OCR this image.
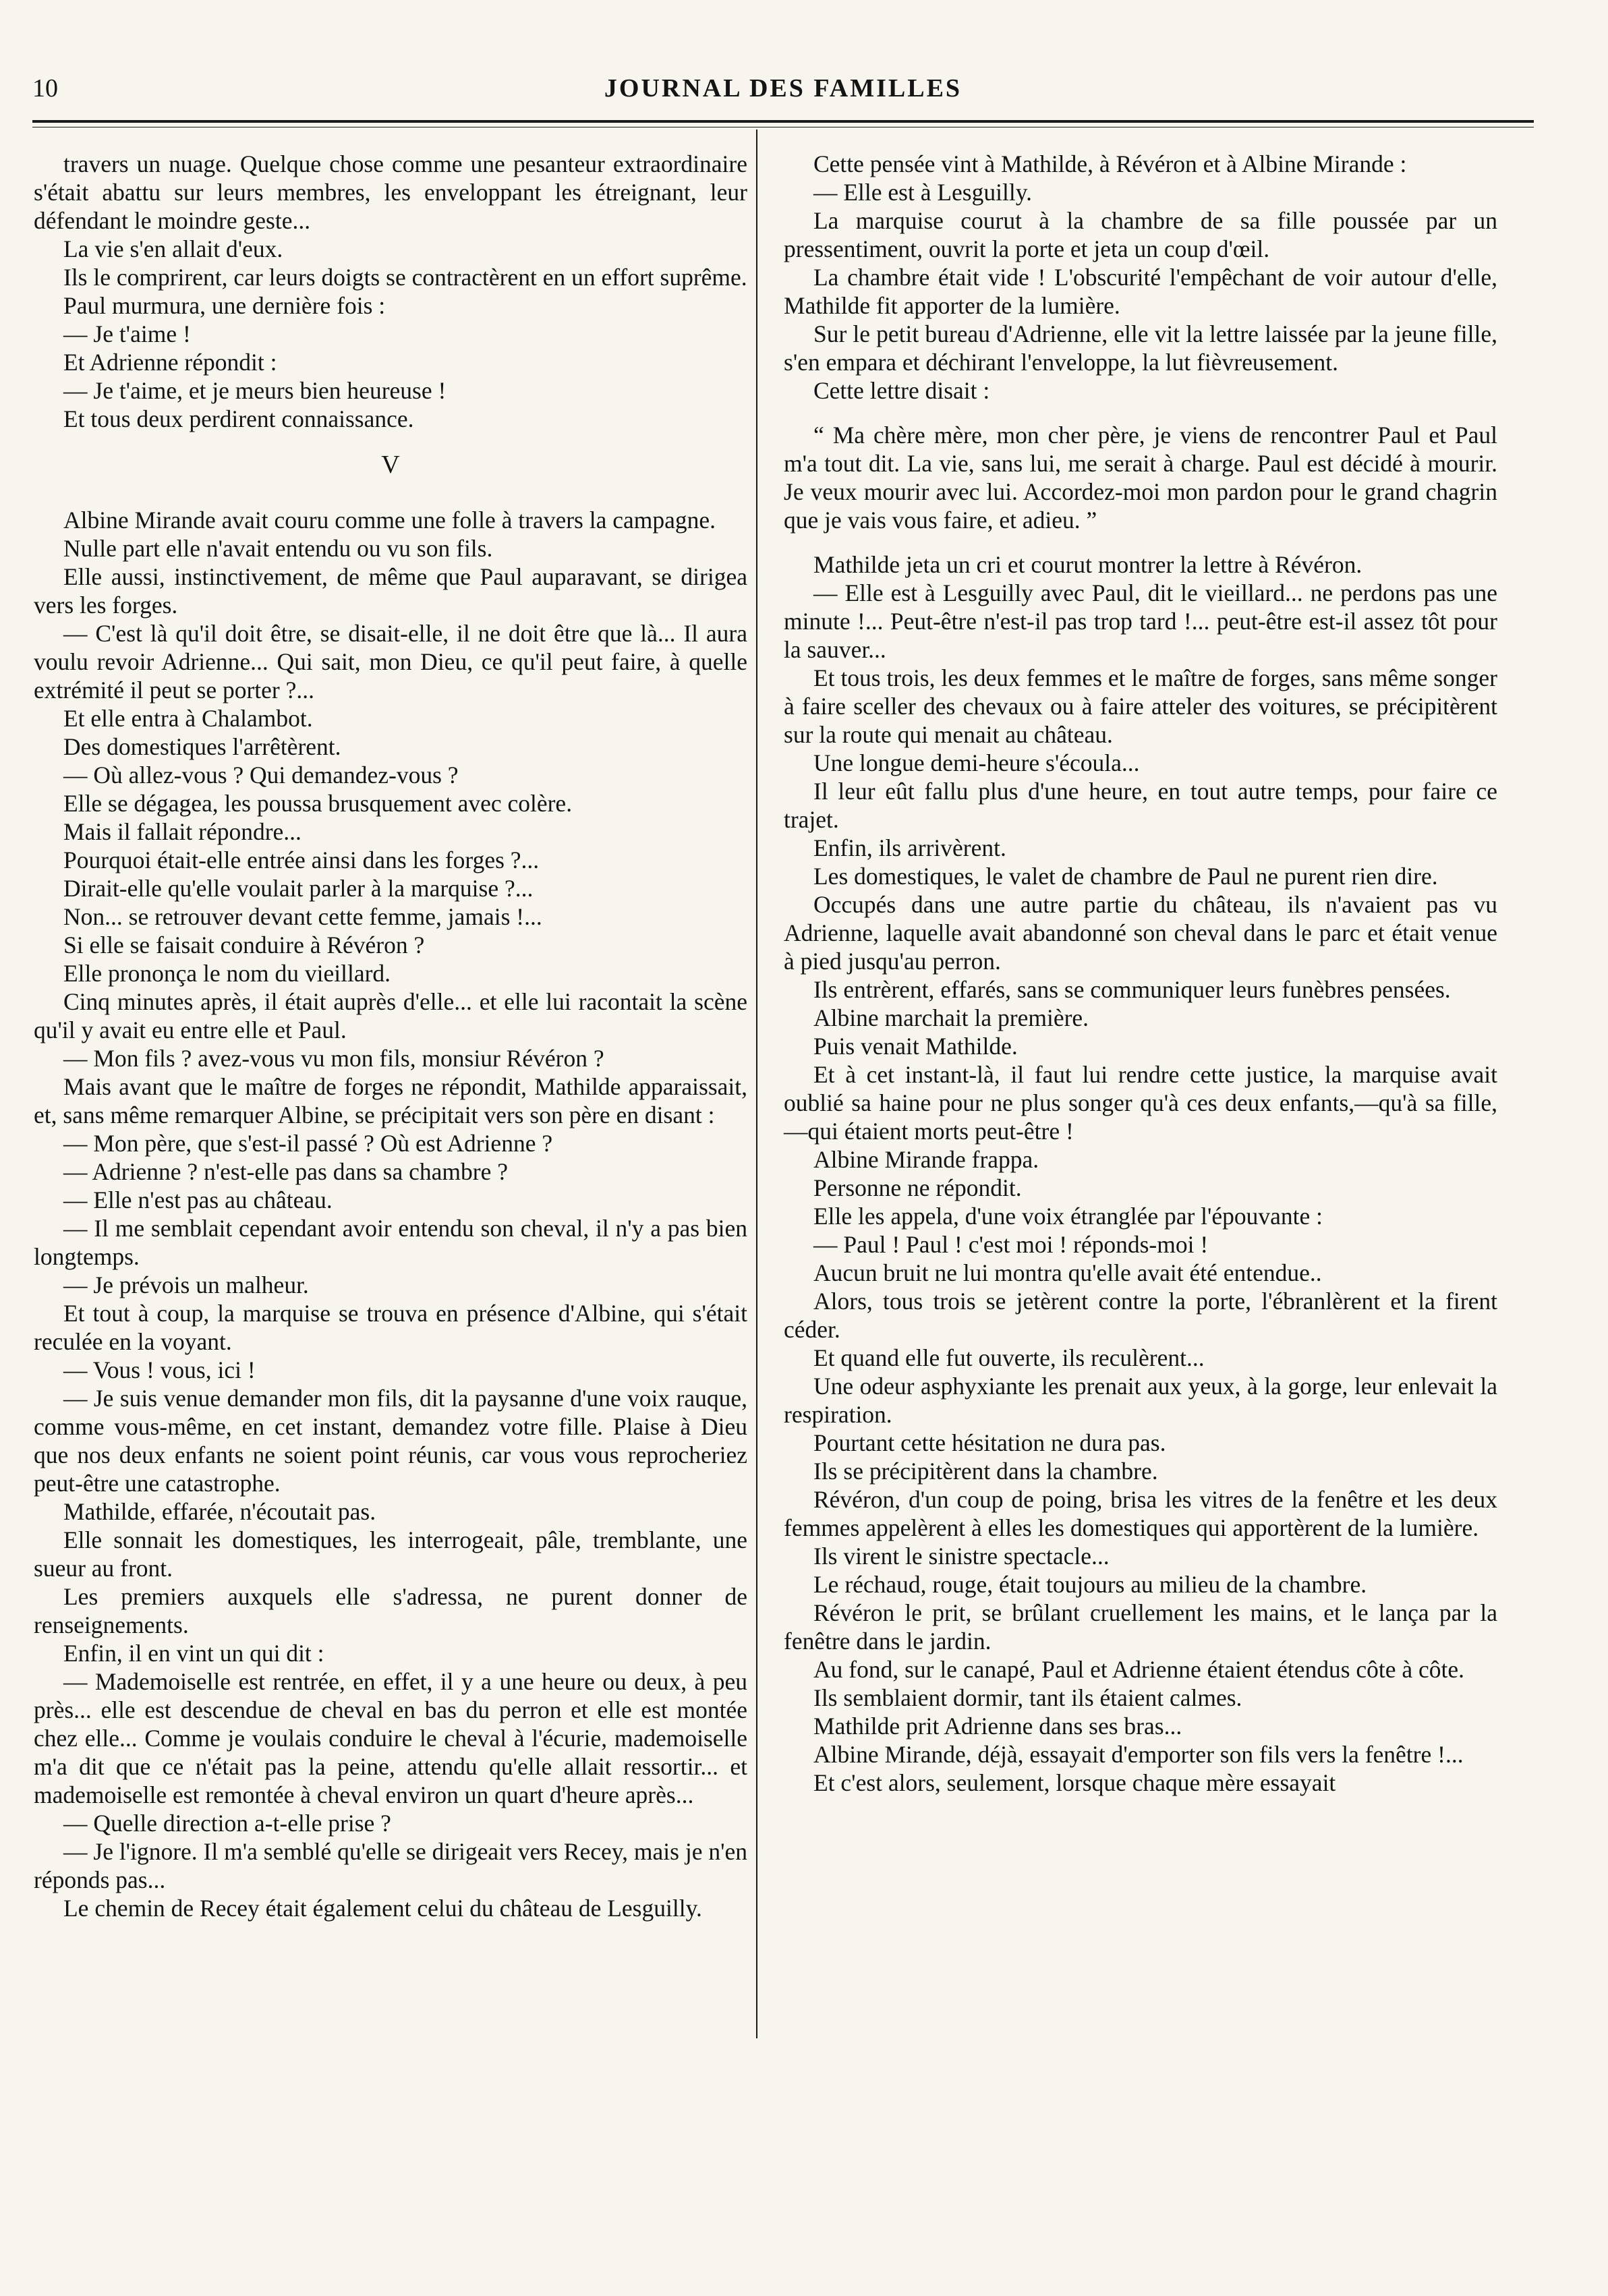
10	JOURNAL DES FAMILLES

travers un nuage. Quelque chose comme une pesanteur extraordinaire s'était abattu sur leurs membres, les enveloppant les étreignant, leur défendant le moindre geste...

La vie s'en allait d'eux.

Ils le comprirent, car leurs doigts se contractèrent en un effort suprême.

Paul murmura, une dernière fois :

— Je t'aime !

Et Adrienne répondit :

— Je t'aime, et je meurs bien heureuse !

Et tous deux perdirent connaissance.

V

Albine Mirande avait couru comme une folle à travers la campagne.

Nulle part elle n'avait entendu ou vu son fils.

Elle aussi, instinctivement, de même que Paul auparavant, se dirigea vers les forges.

— C'est là qu'il doit être, se disait-elle, il ne doit être que là... Il aura voulu revoir Adrienne... Qui sait, mon Dieu, ce qu'il peut faire, à quelle extrémité il peut se porter ?...

Et elle entra à Chalambot.

Des domestiques l'arrêtèrent.

— Où allez-vous ? Qui demandez-vous ?

Elle se dégagea, les poussa brusquement avec colère.

Mais il fallait répondre...

Pourquoi était-elle entrée ainsi dans les forges ?...

Dirait-elle qu'elle voulait parler à la marquise ?...

Non... se retrouver devant cette femme, jamais !...

Si elle se faisait conduire à Révéron ?

Elle prononça le nom du vieillard.

Cinq minutes après, il était auprès d'elle... et elle lui racontait la scène qu'il y avait eu entre elle et Paul.

— Mon fils ? avez-vous vu mon fils, monsiur Révéron ?

Mais avant que le maître de forges ne répondit, Mathilde apparaissait, et, sans même remarquer Albine, se précipitait vers son père en disant :

— Mon père, que s'est-il passé ? Où est Adrienne ?

— Adrienne ? n'est-elle pas dans sa chambre ?

— Elle n'est pas au château.

— Il me semblait cependant avoir entendu son cheval, il n'y a pas bien longtemps.

— Je prévois un malheur.

Et tout à coup, la marquise se trouva en présence d'Albine, qui s'était reculée en la voyant.

— Vous ! vous, ici !

— Je suis venue demander mon fils, dit la paysanne d'une voix rauque, comme vous-même, en cet instant, demandez votre fille. Plaise à Dieu que nos deux enfants ne soient point réunis, car vous vous reprocheriez peut-être une catastrophe.

Mathilde, effarée, n'écoutait pas.

Elle sonnait les domestiques, les interrogeait, pâle, tremblante, une sueur au front.

Les premiers auxquels elle s'adressa, ne purent donner de renseignements.

Enfin, il en vint un qui dit :

— Mademoiselle est rentrée, en effet, il y a une heure ou deux, à peu près... elle est descendue de cheval en bas du perron et elle est montée chez elle... Comme je voulais conduire le cheval à l'écurie, mademoiselle m'a dit que ce n'était pas la peine, attendu qu'elle allait ressortir... et mademoiselle est remontée à cheval environ un quart d'heure après...

— Quelle direction a-t-elle prise ?

— Je l'ignore. Il m'a semblé qu'elle se dirigeait vers Recey, mais je n'en réponds pas...

Le chemin de Recey était également celui du château de Lesguilly.

Cette pensée vint à Mathilde, à Révéron et à Albine Mirande :

— Elle est à Lesguilly.

La marquise courut à la chambre de sa fille poussée par un pressentiment, ouvrit la porte et jeta un coup d'œil.

La chambre était vide ! L'obscurité l'empêchant de voir autour d'elle, Mathilde fit apporter de la lumière.

Sur le petit bureau d'Adrienne, elle vit la lettre laissée par la jeune fille, s'en empara et déchirant l'enveloppe, la lut fièvreusement.

Cette lettre disait :

“ Ma chère mère, mon cher père, je viens de rencontrer Paul et Paul m'a tout dit. La vie, sans lui, me serait à charge. Paul est décidé à mourir. Je veux mourir avec lui. Accordez-moi mon pardon pour le grand chagrin que je vais vous faire, et adieu. ”

Mathilde jeta un cri et courut montrer la lettre à Révéron.

— Elle est à Lesguilly avec Paul, dit le vieillard... ne perdons pas une minute !... Peut-être n'est-il pas trop tard !... peut-être est-il assez tôt pour la sauver...

Et tous trois, les deux femmes et le maître de forges, sans même songer à faire sceller des chevaux ou à faire atteler des voitures, se précipitèrent sur la route qui menait au château.

Une longue demi-heure s'écoula...

Il leur eût fallu plus d'une heure, en tout autre temps, pour faire ce trajet.

Enfin, ils arrivèrent.

Les domestiques, le valet de chambre de Paul ne purent rien dire.

Occupés dans une autre partie du château, ils n'avaient pas vu Adrienne, laquelle avait abandonné son cheval dans le parc et était venue à pied jusqu'au perron.

Ils entrèrent, effarés, sans se communiquer leurs funèbres pensées.

Albine marchait la première.

Puis venait Mathilde.

Et à cet instant-là, il faut lui rendre cette justice, la marquise avait oublié sa haine pour ne plus songer qu'à ces deux enfants,—qu'à sa fille,—qui étaient morts peut-être !

Albine Mirande frappa.

Personne ne répondit.

Elle les appela, d'une voix étranglée par l'épouvante :

— Paul ! Paul ! c'est moi ! réponds-moi !

Aucun bruit ne lui montra qu'elle avait été entendue..

Alors, tous trois se jetèrent contre la porte, l'ébranlèrent et la firent céder.

Et quand elle fut ouverte, ils reculèrent...

Une odeur asphyxiante les prenait aux yeux, à la gorge, leur enlevait la respiration.

Pourtant cette hésitation ne dura pas.

Ils se précipitèrent dans la chambre.

Révéron, d'un coup de poing, brisa les vitres de la fenêtre et les deux femmes appelèrent à elles les domestiques qui apportèrent de la lumière.

Ils virent le sinistre spectacle...

Le réchaud, rouge, était toujours au milieu de la chambre.

Révéron le prit, se brûlant cruellement les mains, et le lança par la fenêtre dans le jardin.

Au fond, sur le canapé, Paul et Adrienne étaient étendus côte à côte.

Ils semblaient dormir, tant ils étaient calmes.

Mathilde prit Adrienne dans ses bras...

Albine Mirande, déjà, essayait d'emporter son fils vers la fenêtre !...

Et c'est alors, seulement, lorsque chaque mère essayait
